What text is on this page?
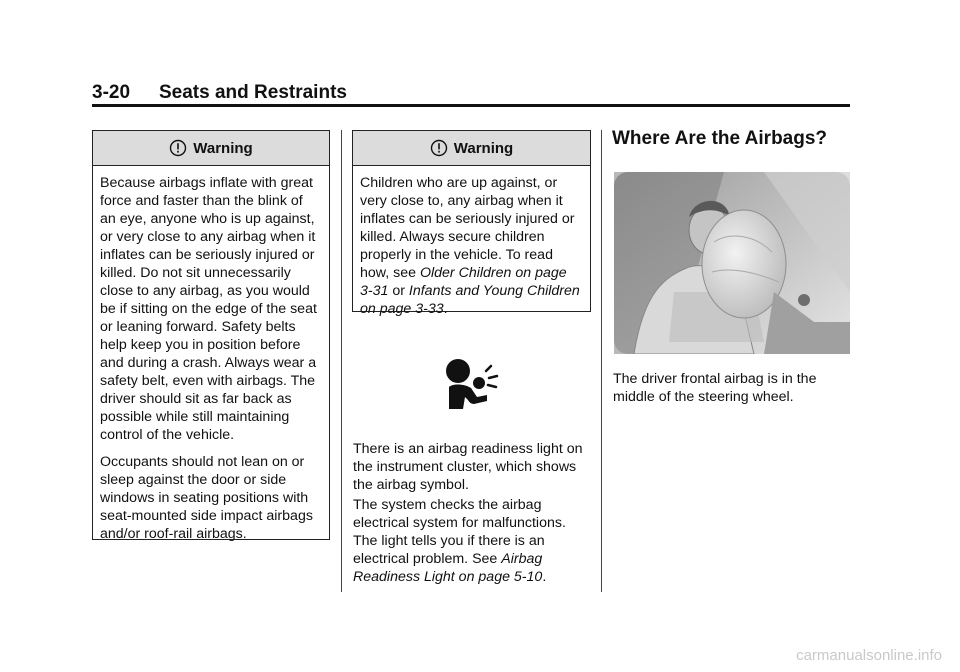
3-20 Seats and Restraints
Warning

Because airbags inflate with great force and faster than the blink of an eye, anyone who is up against, or very close to any airbag when it inflates can be seriously injured or killed. Do not sit unnecessarily close to any airbag, as you would be if sitting on the edge of the seat or leaning forward. Safety belts help keep you in position before and during a crash. Always wear a safety belt, even with airbags. The driver should sit as far back as possible while still maintaining control of the vehicle.

Occupants should not lean on or sleep against the door or side windows in seating positions with seat-mounted side impact airbags and/or roof-rail airbags.

Warning

Children who are up against, or very close to, any airbag when it inflates can be seriously injured or killed. Always secure children properly in the vehicle. To read how, see Older Children on page 3-31 or Infants and Young Children on page 3-33.

There is an airbag readiness light on the instrument cluster, which shows the airbag symbol.

The system checks the airbag electrical system for malfunctions. The light tells you if there is an electrical problem. See Airbag Readiness Light on page 5-10.

Where Are the Airbags?

The driver frontal airbag is in the middle of the steering wheel.

carmanualsonline.info
